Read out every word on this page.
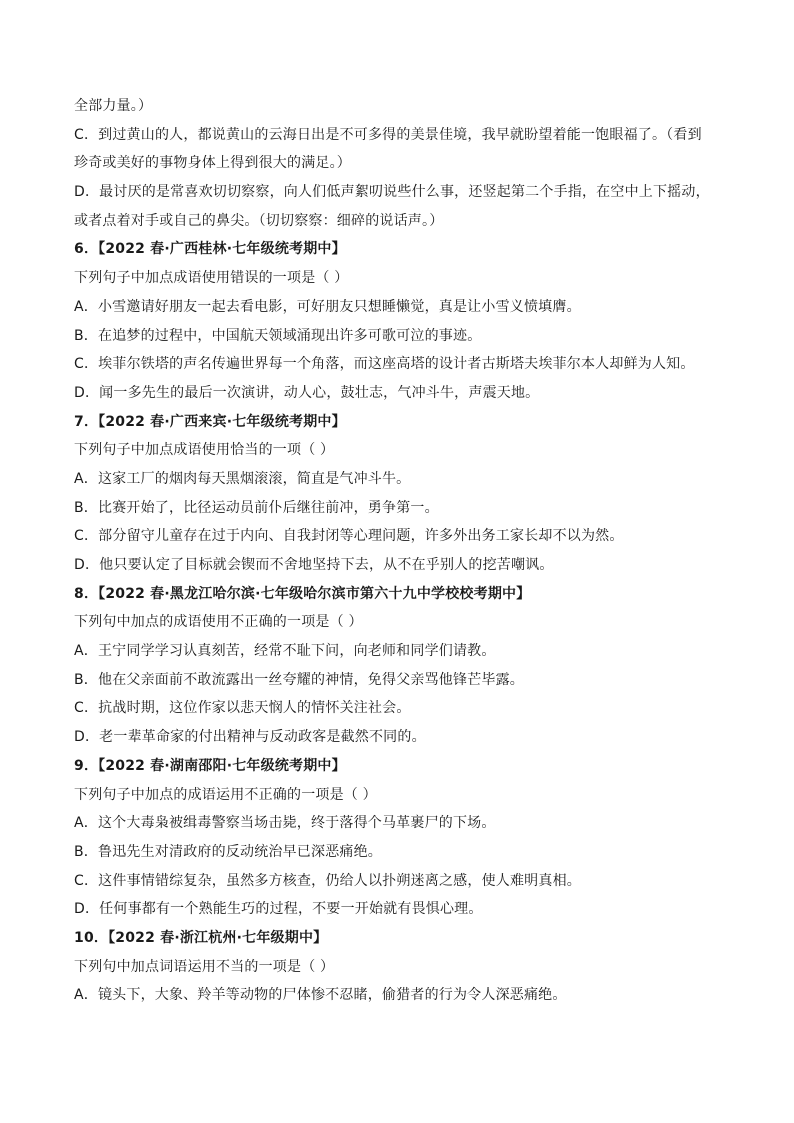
全部力量。）
C．到过黄山的人，都说黄山的云海日出是不可多得的美景佳境，我早就盼望着能一饱眼福了。（看到
珍奇或美好的事物身体上得到很大的满足。）
D．最讨厌的是常喜欢切切察察，向人们低声絮叨说些什么事，还竖起第二个手指，在空中上下摇动，
或者点着对手或自己的鼻尖。（切切察察：细碎的说话声。）
6．【2022 春·广西桂林·七年级统考期中】
下列句子中加点成语使用错误的一项是（ ）
A．小雪邀请好朋友一起去看电影，可好朋友只想睡懒觉，真是让小雪义愤填膺。
B．在追梦的过程中，中国航天领域涌现出许多可歌可泣的事迹。
C．埃菲尔铁塔的声名传遍世界每一个角落，而这座高塔的设计者古斯塔夫埃菲尔本人却鲜为人知。
D．闻一多先生的最后一次演讲，动人心，鼓壮志，气冲斗牛，声震天地。
7．【2022 春·广西来宾·七年级统考期中】
下列句子中加点成语使用恰当的一项（ ）
A．这家工厂的烟肉每天黑烟滚滚，简直是气冲斗牛。
B．比赛开始了，比径运动员前仆后继往前冲，勇争第一。
C．部分留守儿童存在过于内向、自我封闭等心理问题，许多外出务工家长却不以为然。
D．他只要认定了目标就会锲而不舍地坚持下去，从不在乎别人的挖苦嘲讽。
8．【2022 春·黑龙江哈尔滨·七年级哈尔滨市第六十九中学校校考期中】
下列句中加点的成语使用不正确的一项是（ ）
A．王宁同学学习认真刻苦，经常不耻下问，向老师和同学们请教。
B．他在父亲面前不敢流露出一丝夸耀的神情，免得父亲骂他锋芒毕露。
C．抗战时期，这位作家以悲天悯人的情怀关注社会。
D．老一辈革命家的付出精神与反动政客是截然不同的。
9．【2022 春·湖南邵阳·七年级统考期中】
下列句子中加点的成语运用不正确的一项是（ ）
A．这个大毒枭被缉毒警察当场击毙，终于落得个马革裹尸的下场。
B．鲁迅先生对清政府的反动统治早已深恶痛绝。
C．这件事情错综复杂，虽然多方核查，仍给人以扑朔迷离之感，使人难明真相。
D．任何事都有一个熟能生巧的过程，不要一开始就有畏惧心理。
10．【2022 春·浙江杭州·七年级期中】
下列句中加点词语运用不当的一项是（ ）
A．镜头下，大象、羚羊等动物的尸体惨不忍睹，偷猎者的行为令人深恶痛绝。
